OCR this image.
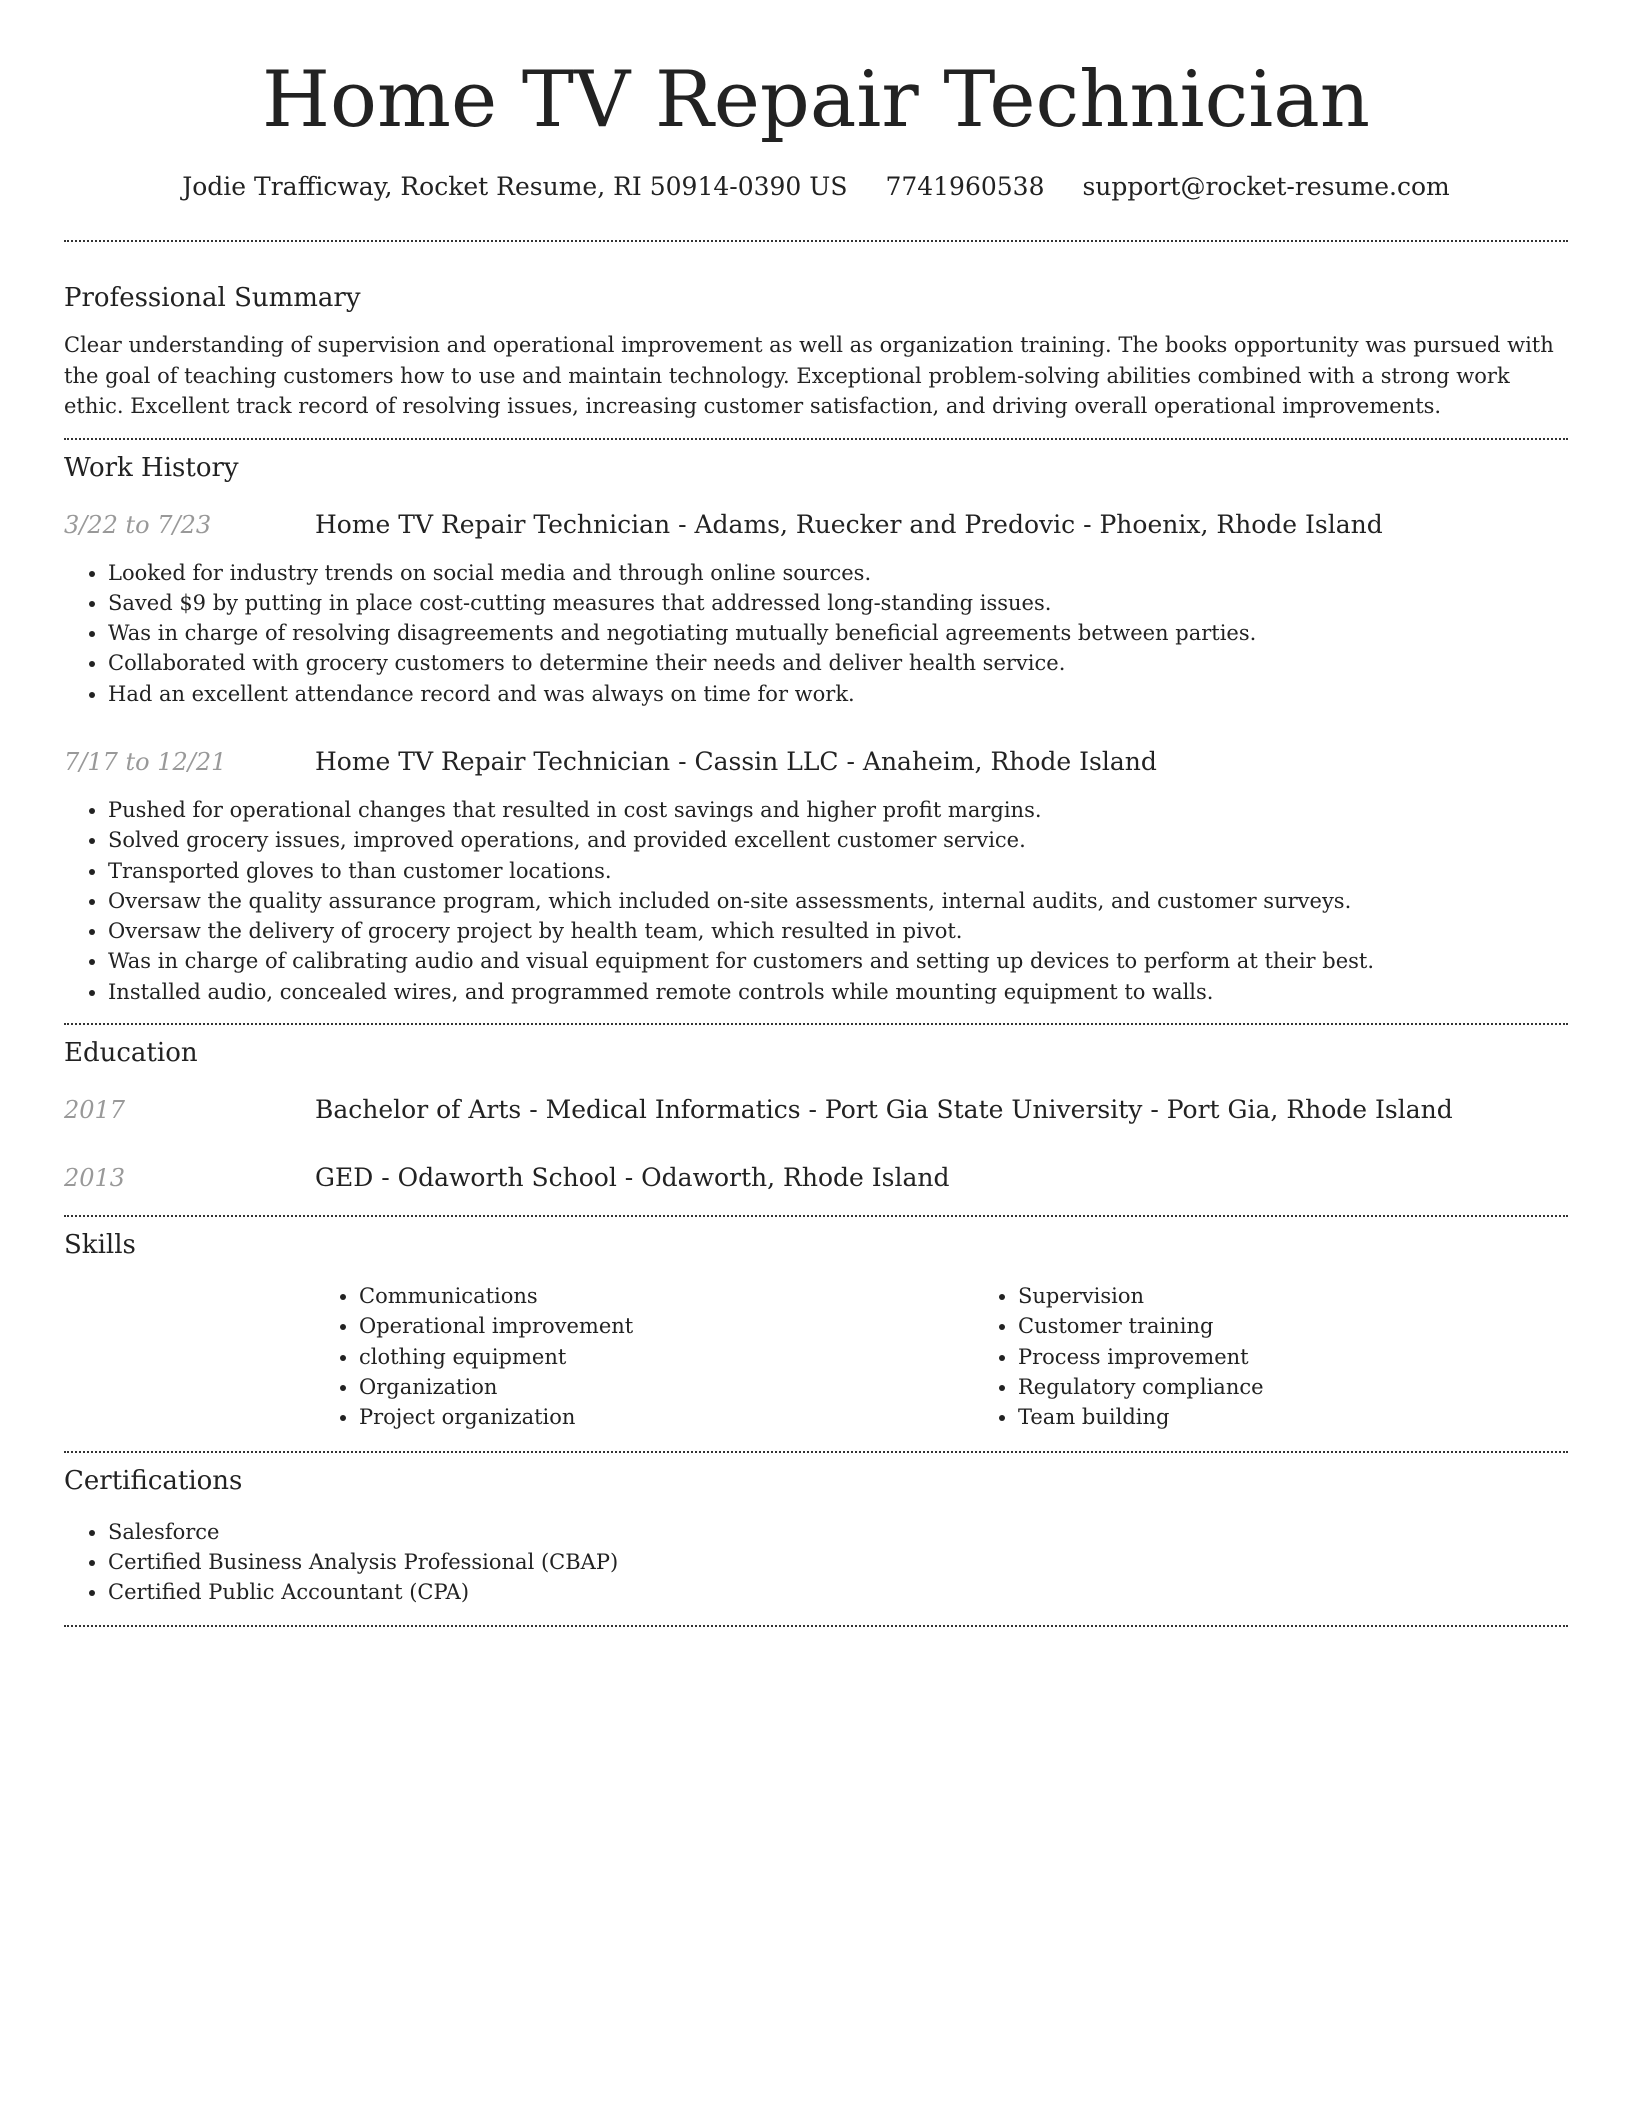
Home TV Repair Technician
Jodie Trafficway, Rocket Resume, RI 50914-0390 US 7741960538 support@rocket-resume.com
Professional Summary

Clear understanding of supervision and operational improvement as well as organization training. The books opportunity was pursued with the goal of teaching customers how to use and maintain technology. Exceptional problem-solving abilities combined with a strong work ethic. Excellent track record of resolving issues, increasing customer satisfaction, and driving overall operational improvements.

Work History
3/22 to 7/23	Home TV Repair Technician - Adams, Ruecker and Predovic - Phoenix, Rhode Island
• Looked for industry trends on social media and through online sources.
• Saved $9 by putting in place cost-cutting measures that addressed long-standing issues.
• Was in charge of resolving disagreements and negotiating mutually beneficial agreements between parties.
• Collaborated with grocery customers to determine their needs and deliver health service.
• Had an excellent attendance record and was always on time for work.
7/17 to 12/21	Home TV Repair Technician - Cassin LLC - Anaheim, Rhode Island
• Pushed for operational changes that resulted in cost savings and higher profit margins.
• Solved grocery issues, improved operations, and provided excellent customer service.
• Transported gloves to than customer locations.
• Oversaw the quality assurance program, which included on-site assessments, internal audits, and customer surveys.
• Oversaw the delivery of grocery project by health team, which resulted in pivot.
• Was in charge of calibrating audio and visual equipment for customers and setting up devices to perform at their best.
• Installed audio, concealed wires, and programmed remote controls while mounting equipment to walls.
Education
2017	Bachelor of Arts - Medical Informatics - Port Gia State University - Port Gia, Rhode Island
2013	GED - Odaworth School - Odaworth, Rhode Island
Skills
• Communications
• Operational improvement
• clothing equipment
• Organization
• Project organization
• Supervision
• Customer training
• Process improvement
• Regulatory compliance
• Team building
Certifications
• Salesforce
• Certified Business Analysis Professional (CBAP)
• Certified Public Accountant (CPA)
